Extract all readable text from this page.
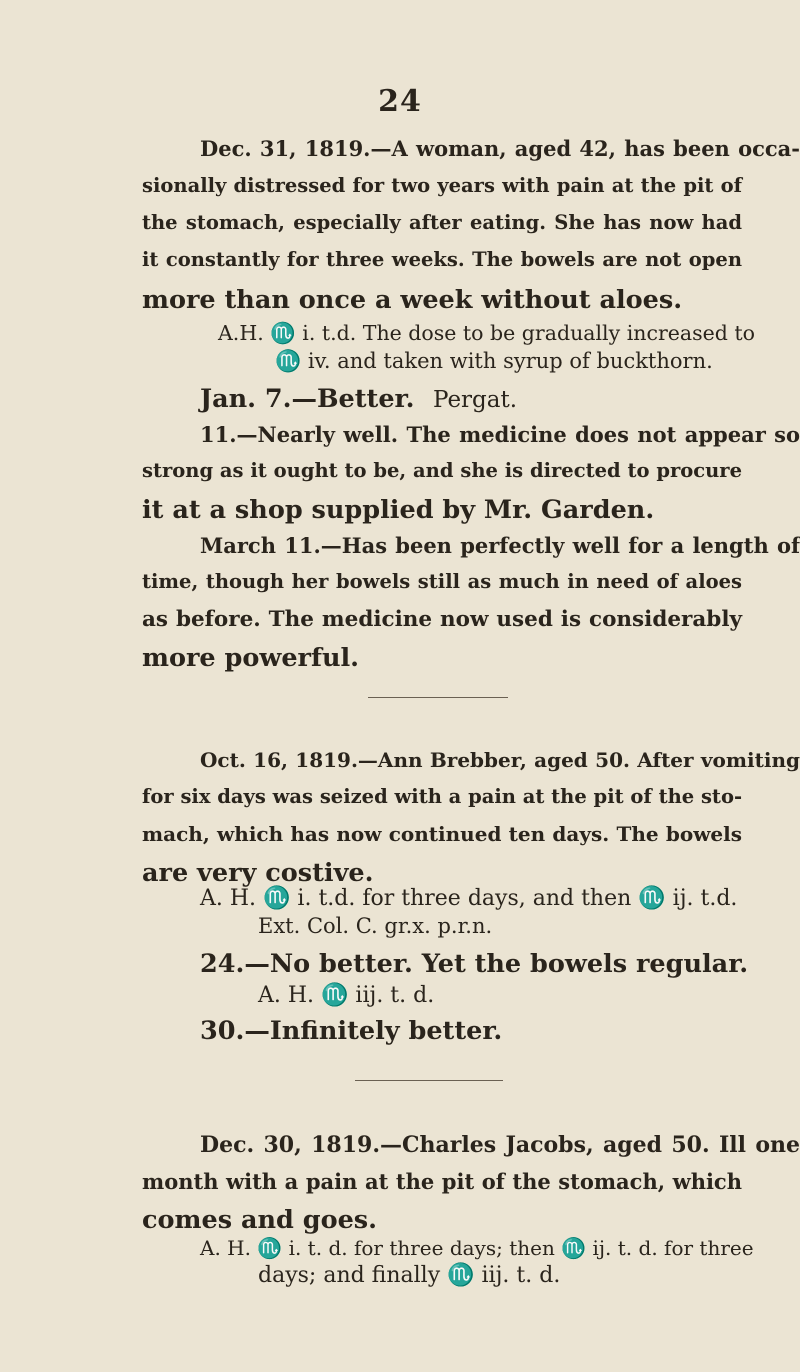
24
Dec. 31, 1819.—A woman, aged 42, has been occa-
sionally distressed for two years with pain at the pit of
the stomach, especially after eating. She has now had
it constantly for three weeks. The bowels are not open
more than once a week without aloes.
A.H. ♏ i. t.d. The dose to be gradually increased to
♏ iv. and taken with syrup of buckthorn.
Jan. 7.—Better. Pergat.
11.—Nearly well. The medicine does not appear so
strong as it ought to be, and she is directed to procure
it at a shop supplied by Mr. Garden.
March 11.—Has been perfectly well for a length of
time, though her bowels still as much in need of aloes
as before. The medicine now used is considerably
more powerful.
Oct. 16, 1819.—Ann Brebber, aged 50. After vomiting
for six days was seized with a pain at the pit of the sto-
mach, which has now continued ten days. The bowels
are very costive.
A. H. ♏ i. t.d. for three days, and then ♏ ij. t.d.
Ext. Col. C. gr.x. p.r.n.
24.—No better. Yet the bowels regular.
A. H. ♏ iij. t. d.
30.—Infinitely better.
Dec. 30, 1819.—Charles Jacobs, aged 50. Ill one
month with a pain at the pit of the stomach, which
comes and goes.
A. H. ♏ i. t. d. for three days; then ♏ ij. t. d. for three
days; and finally ♏ iij. t. d.
